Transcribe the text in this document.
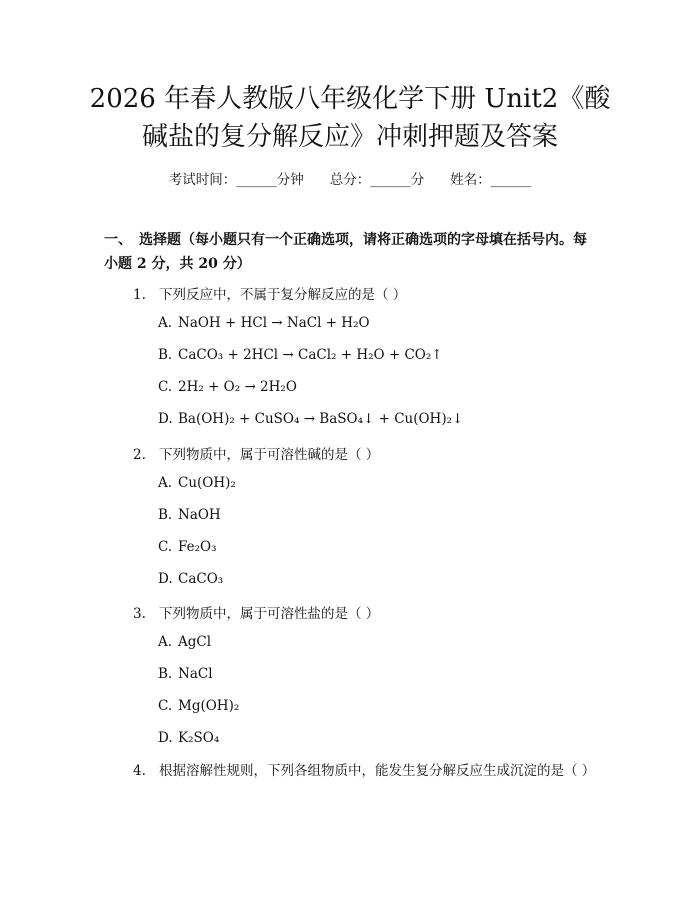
2026 年春人教版八年级化学下册 Unit2《酸
碱盐的复分解反应》冲刺押题及答案
考试时间：______分钟 总分：______分 姓名：______
一、　选择题（每小题只有一个正确选项，请将正确选项的字母填在括号内。每小题 2 分，共 20 分）
1. 下列反应中，不属于复分解反应的是（ ）
A. NaOH + HCl → NaCl + H₂O
B. CaCO₃ + 2HCl → CaCl₂ + H₂O + CO₂↑
C. 2H₂ + O₂ → 2H₂O
D. Ba(OH)₂ + CuSO₄ → BaSO₄↓ + Cu(OH)₂↓
2. 下列物质中，属于可溶性碱的是（ ）
A. Cu(OH)₂
B. NaOH
C. Fe₂O₃
D. CaCO₃
3. 下列物质中，属于可溶性盐的是（ ）
A. AgCl
B. NaCl
C. Mg(OH)₂
D. K₂SO₄
4. 根据溶解性规则，下列各组物质中，能发生复分解反应生成沉淀的是（ ）
